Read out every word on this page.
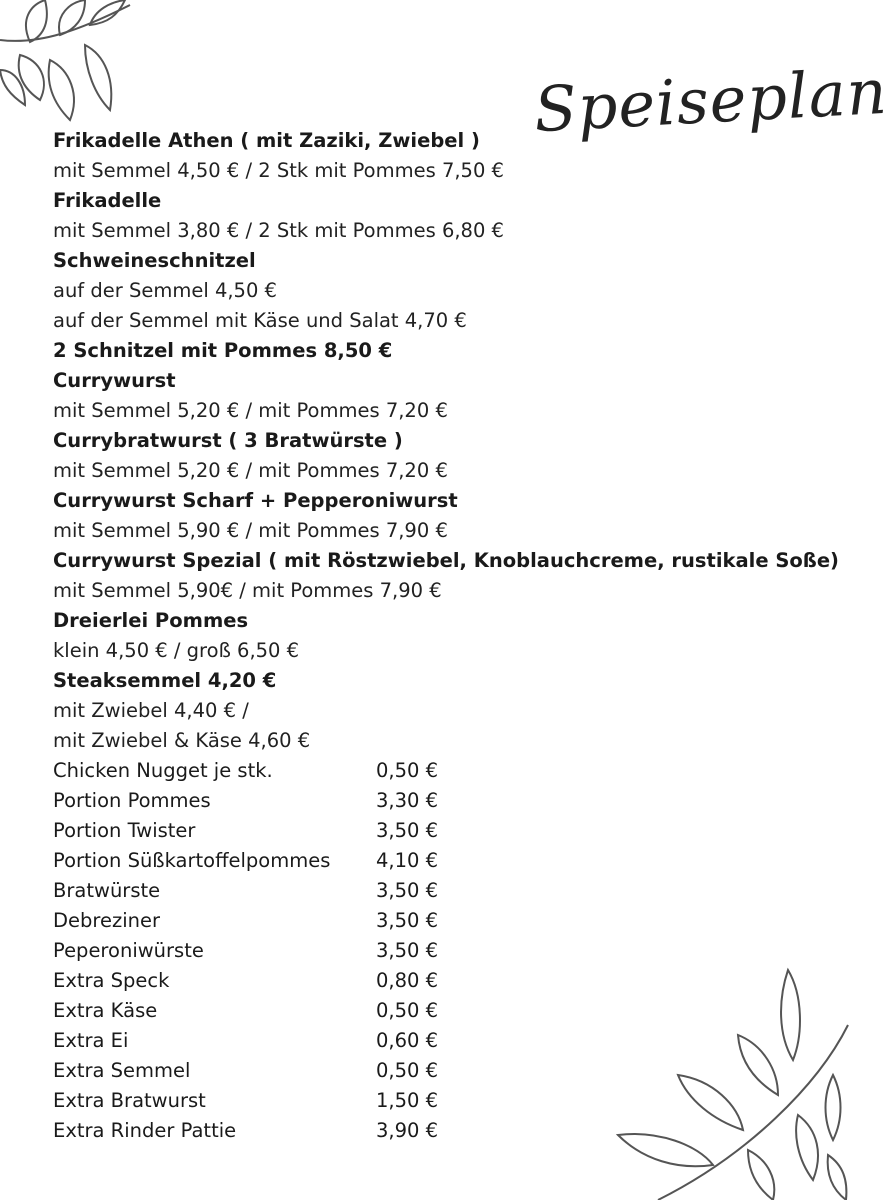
Speiseplan
Frikadelle Athen ( mit Zaziki, Zwiebel )
mit Semmel 4,50 € / 2 Stk mit Pommes 7,50 €
Frikadelle
mit Semmel 3,80 € / 2 Stk mit Pommes 6,80 €
Schweineschnitzel
auf der Semmel 4,50 €
auf der Semmel mit Käse und Salat 4,70 €
2 Schnitzel mit Pommes 8,50 €
Currywurst
mit Semmel 5,20 € / mit Pommes 7,20 €
Currybratwurst ( 3 Bratwürste )
mit Semmel 5,20 € / mit Pommes 7,20 €
Currywurst Scharf + Pepperoniwurst
mit Semmel 5,90 € / mit Pommes 7,90 €
Currywurst Spezial ( mit Röstzwiebel, Knoblauchcreme, rustikale Soße)
mit Semmel 5,90€ / mit Pommes 7,90 €
Dreierlei Pommes
klein 4,50 € / groß 6,50 €
Steaksemmel 4,20 €
mit Zwiebel 4,40 € /
mit Zwiebel & Käse 4,60 €
Chicken Nugget je stk.	0,50 €
Portion Pommes	3,30 €
Portion Twister	3,50 €
Portion Süßkartoffelpommes 4,10 €
Bratwürste	3,50 €
Debreziner	3,50 €
Peperoniwürste	3,50 €
Extra Speck	0,80 €
Extra Käse	0,50 €
Extra Ei	0,60 €
Extra Semmel	0,50 €
Extra Bratwurst	1,50 €
Extra Rinder Pattie	3,90 €
